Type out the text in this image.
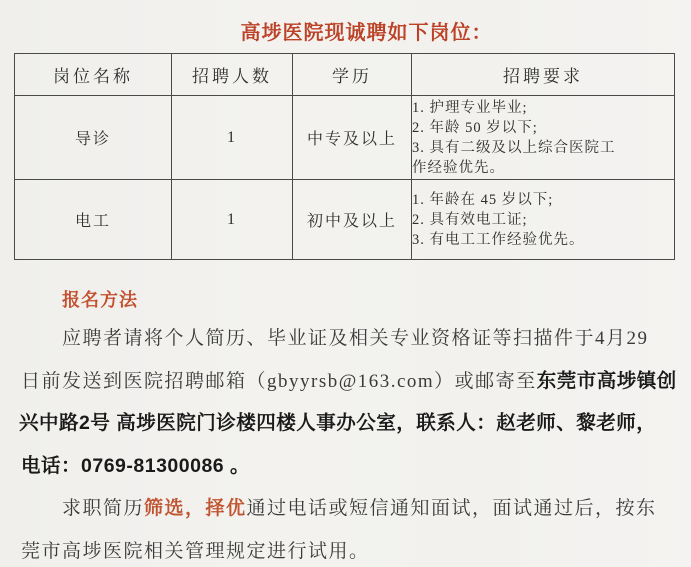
高埗医院现诚聘如下岗位：
岗位名称	招聘人数	学历	招聘要求
导诊	1	中专及以上	1. 护理专业毕业;
2. 年龄 50 岁以下;
3. 具有二级及以上综合医院工作经验优先。

电工	1	初中及以上	1. 年龄在 45 岁以下;
2. 具有效电工证;
3. 有电工工作经验优先。
报名方法
应聘者请将个人简历、毕业证及相关专业资格证等扫描件于4月29
日前发送到医院招聘邮箱（gbyyrsb@163.com）或邮寄至东莞市高埗镇创
兴中路2号 高埗医院门诊楼四楼人事办公室，联系人：赵老师、黎老师，
电话：0769-81300086 。
求职简历筛选，择优通过电话或短信通知面试，面试通过后，按东
莞市高埗医院相关管理规定进行试用。
